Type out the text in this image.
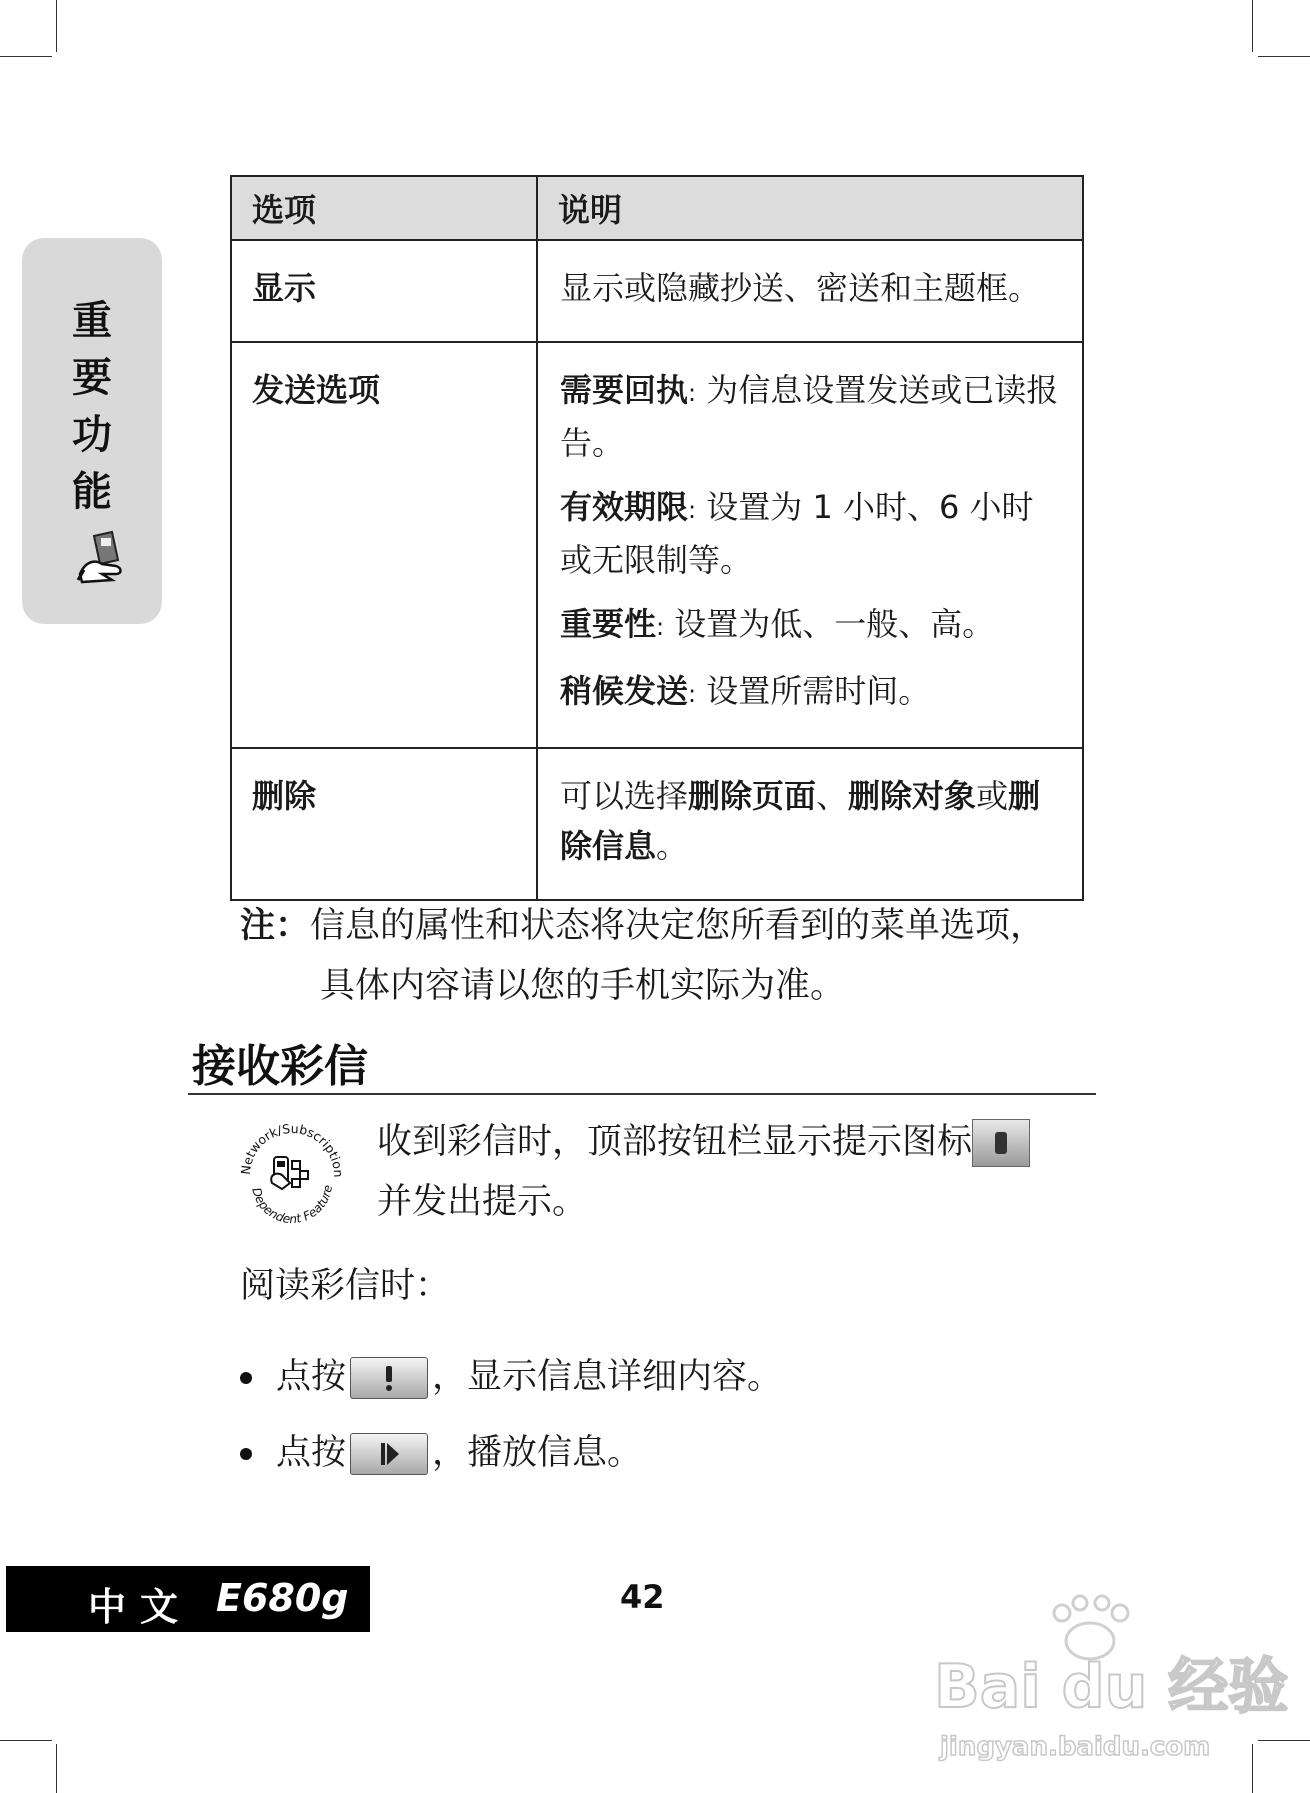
重
要
功
能
选项	说明
显示	显示或隐藏抄送、密送和主题框。

发送选项	需要回执: 为信息设置发送或已读报告。

有效期限: 设置为 1 小时、6 小时或无限制等。

重要性: 设置为低、一般、高。

稍候发送: 设置所需时间。

删除	可以选择删除页面、删除对象或删除信息。

注：信息的属性和状态将决定您所看到的菜单选项，
具体内容请以您的手机实际为准。
接收彩信
Network/Subscription
Dependent Feature
收到彩信时，顶部按钮栏显示提示图标
并发出提示。
阅读彩信时：
点按 ，显示信息详细内容。
点按 ，播放信息。
中文 E680g	42
Bai du 经验
jingyan.baidu.com
